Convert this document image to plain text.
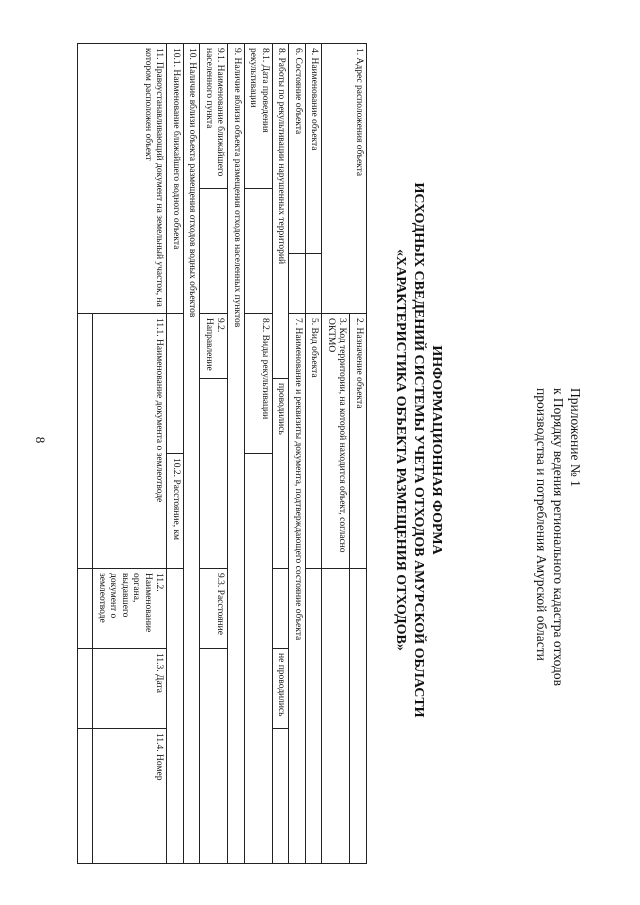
8	Приложение № 1
к Порядку ведения регионального кадастра отходов
производства и потребления Амурской области
ИНФОРМАЦИОННАЯ ФОРМА
ИСХОДНЫХ СВЕДЕНИЙ СИСТЕМЫ УЧЕТА ОТХОДОВ АМУРСКОЙ ОБЛАСТИ
«ХАРАКТЕРИСТИКА ОБЪЕКТА РАЗМЕЩЕНИЯ ОТХОДОВ»
1. Адрес расположения объекта			2. Назначение объекта					
			3. Код территории, на которой находится объект, согласно ОКТМО					
4. Наименование объекта			5. Вид объекта					
6. Состояние объекта			7. Наименование и реквизиты документа, подтверждающего состояние объекта					
8. Работы по рекультивации нарушенных территорий				проводились			не проводились	
8.1. Дата проведения рекультивации			8.2. Виды рекультивации					
9. Наличие вблизи объекта размещения отходов населенных пунктов								
9.1. Наименование ближайшего населенного пункта			9.2. Направление			9.3. Расстояние		
10. Наличие вблизи объекта размещения отходов водных объектов								
10.1. Наименование ближайшего водного объекта					10.2. Расстояние, км			
11. Правоустанавливающий документ на земельный участок, на котором расположен объект			11.1. Наименование документа о землеотводе			11.2. Наименование органа, выдавшего документ о землеотводе	11.3. Дата	11.4. Номер
